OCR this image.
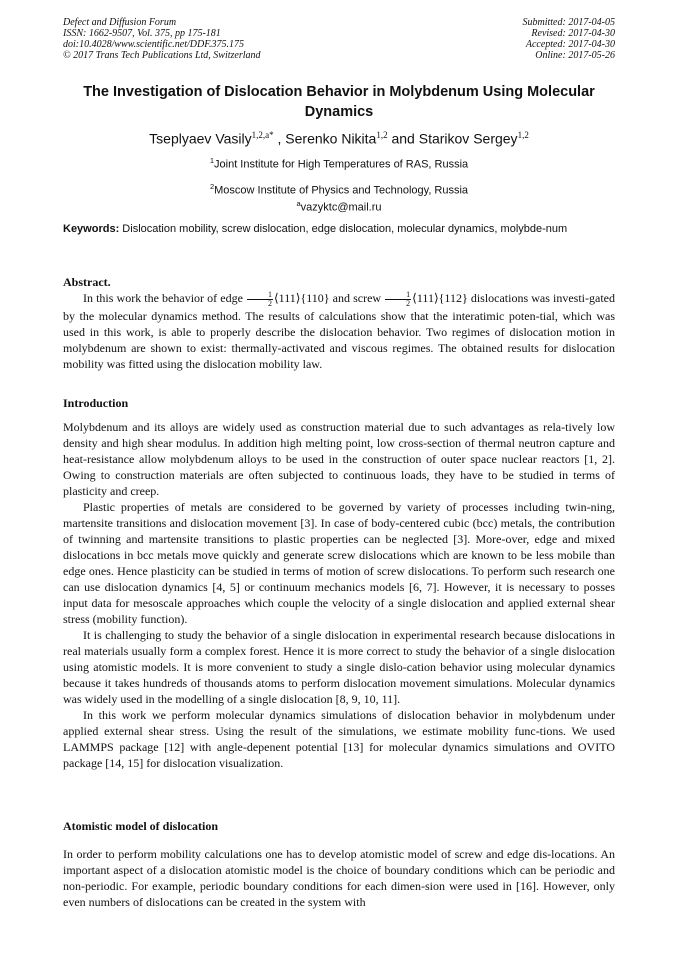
Defect and Diffusion Forum
ISSN: 1662-9507, Vol. 375, pp 175-181
doi:10.4028/www.scientific.net/DDF.375.175
© 2017 Trans Tech Publications Ltd, Switzerland
Submitted: 2017-04-05
Revised: 2017-04-30
Accepted: 2017-04-30
Online: 2017-05-26
The Investigation of Dislocation Behavior in Molybdenum Using Molecular Dynamics
Tseplyaev Vasily$^{1,2,a*}$ , Serenko Nikita$^{1,2}$ and Starikov Sergey$^{1,2}$
$^1$Joint Institute for High Temperatures of RAS, Russia
$^2$Moscow Institute of Physics and Technology, Russia
$^a$vazyktc@mail.ru
Keywords: Dislocation mobility, screw dislocation, edge dislocation, molecular dynamics, molybde-num
Abstract.

In this work the behavior of edge $\frac{1}{2}$ ⟨111⟩{110} and screw $\frac{1}{2}$ ⟨111⟩{112} dislocations was investi-gated by the molecular dynamics method. The results of calculations show that the interatimic poten-tial, which was used in this work, is able to properly describe the dislocation behavior. Two regimes of dislocation motion in molybdenum are shown to exist: thermally-activated and viscous regimes. The obtained results for dislocation mobility was fitted using the dislocation mobility law.

Introduction

Molybdenum and its alloys are widely used as construction material due to such advantages as rela-tively low density and high shear modulus. In addition high melting point, low cross-section of thermal neutron capture and heat-resistance allow molybdenum alloys to be used in the construction of outer space nuclear reactors [1, 2]. Owing to construction materials are often subjected to continuous loads, they have to be studied in terms of plasticity and creep.

Plastic properties of metals are considered to be governed by variety of processes including twin-ning, martensite transitions and dislocation movement [3]. In case of body-centered cubic (bcc) metals, the contribution of twinning and martensite transitions to plastic properties can be neglected [3]. More-over, edge and mixed dislocations in bcc metals move quickly and generate screw dislocations which are known to be less mobile than edge ones. Hence plasticity can be studied in terms of motion of screw dislocations. To perform such research one can use dislocation dynamics [4, 5] or continuum mechanics models [6, 7]. However, it is necessary to posses input data for mesoscale approaches which couple the velocity of a single dislocation and applied external shear stress (mobility function).

It is challenging to study the behavior of a single dislocation in experimental research because dislocations in real materials usually form a complex forest. Hence it is more correct to study the behavior of a single dislocation using atomistic models. It is more convenient to study a single dislo-cation behavior using molecular dynamics because it takes hundreds of thousands atoms to perform dislocation movement simulations. Molecular dynamics was widely used in the modelling of a single dislocation [8, 9, 10, 11].

In this work we perform molecular dynamics simulations of dislocation behavior in molybdenum under applied external shear stress. Using the result of the simulations, we estimate mobility func-tions. We used LAMMPS package [12] with angle-depenent potential [13] for molecular dynamics simulations and OVITO package [14, 15] for dislocation visualization.

Atomistic model of dislocation

In order to perform mobility calculations one has to develop atomistic model of screw and edge dis-locations. An important aspect of a dislocation atomistic model is the choice of boundary conditions which can be periodic and non-periodic. For example, periodic boundary conditions for each dimen-sion were used in [16]. However, only even numbers of dislocations can be created in the system with
